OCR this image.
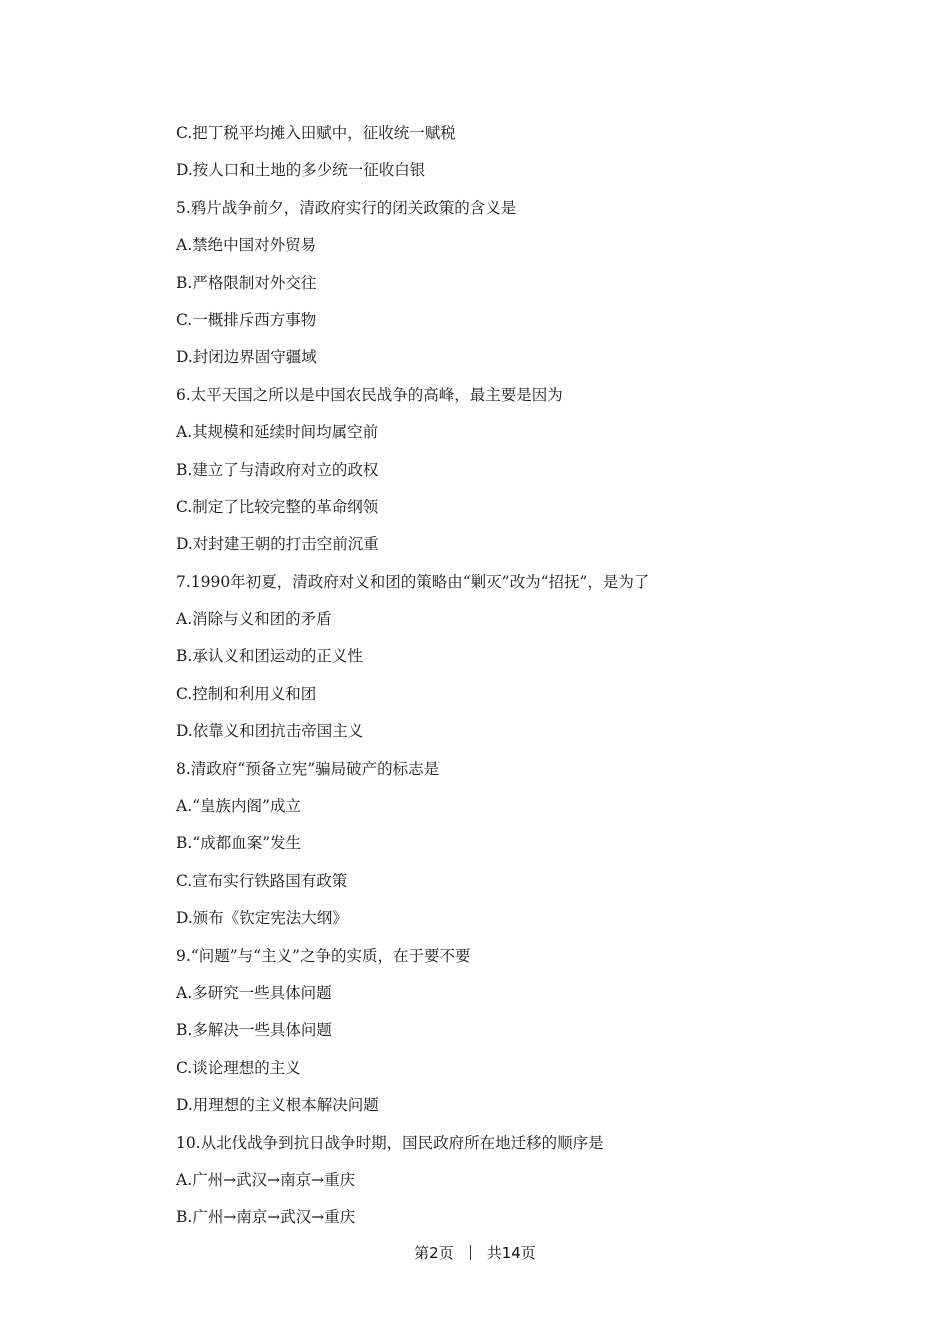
C.把丁税平均摊入田赋中，征收统一赋税
D.按人口和土地的多少统一征收白银
5.鸦片战争前夕，清政府实行的闭关政策的含义是
A.禁绝中国对外贸易
B.严格限制对外交往
C.一概排斥西方事物
D.封闭边界固守疆域
6.太平天国之所以是中国农民战争的高峰，最主要是因为
A.其规模和延续时间均属空前
B.建立了与清政府对立的政权
C.制定了比较完整的革命纲领
D.对封建王朝的打击空前沉重
7.1990年初夏，清政府对义和团的策略由“剿灭”改为“招抚”，是为了
A.消除与义和团的矛盾
B.承认义和团运动的正义性
C.控制和利用义和团
D.依靠义和团抗击帝国主义
8.清政府“预备立宪”骗局破产的标志是
A.“皇族内阁”成立
B.“成都血案”发生
C.宣布实行铁路国有政策
D.颁布《钦定宪法大纲》
9.“问题”与“主义”之争的实质，在于要不要
A.多研究一些具体问题
B.多解决一些具体问题
C.谈论理想的主义
D.用理想的主义根本解决问题
10.从北伐战争到抗日战争时期，国民政府所在地迁移的顺序是
A.广州→武汉→南京→重庆
B.广州→南京→武汉→重庆
第2页 共14页
